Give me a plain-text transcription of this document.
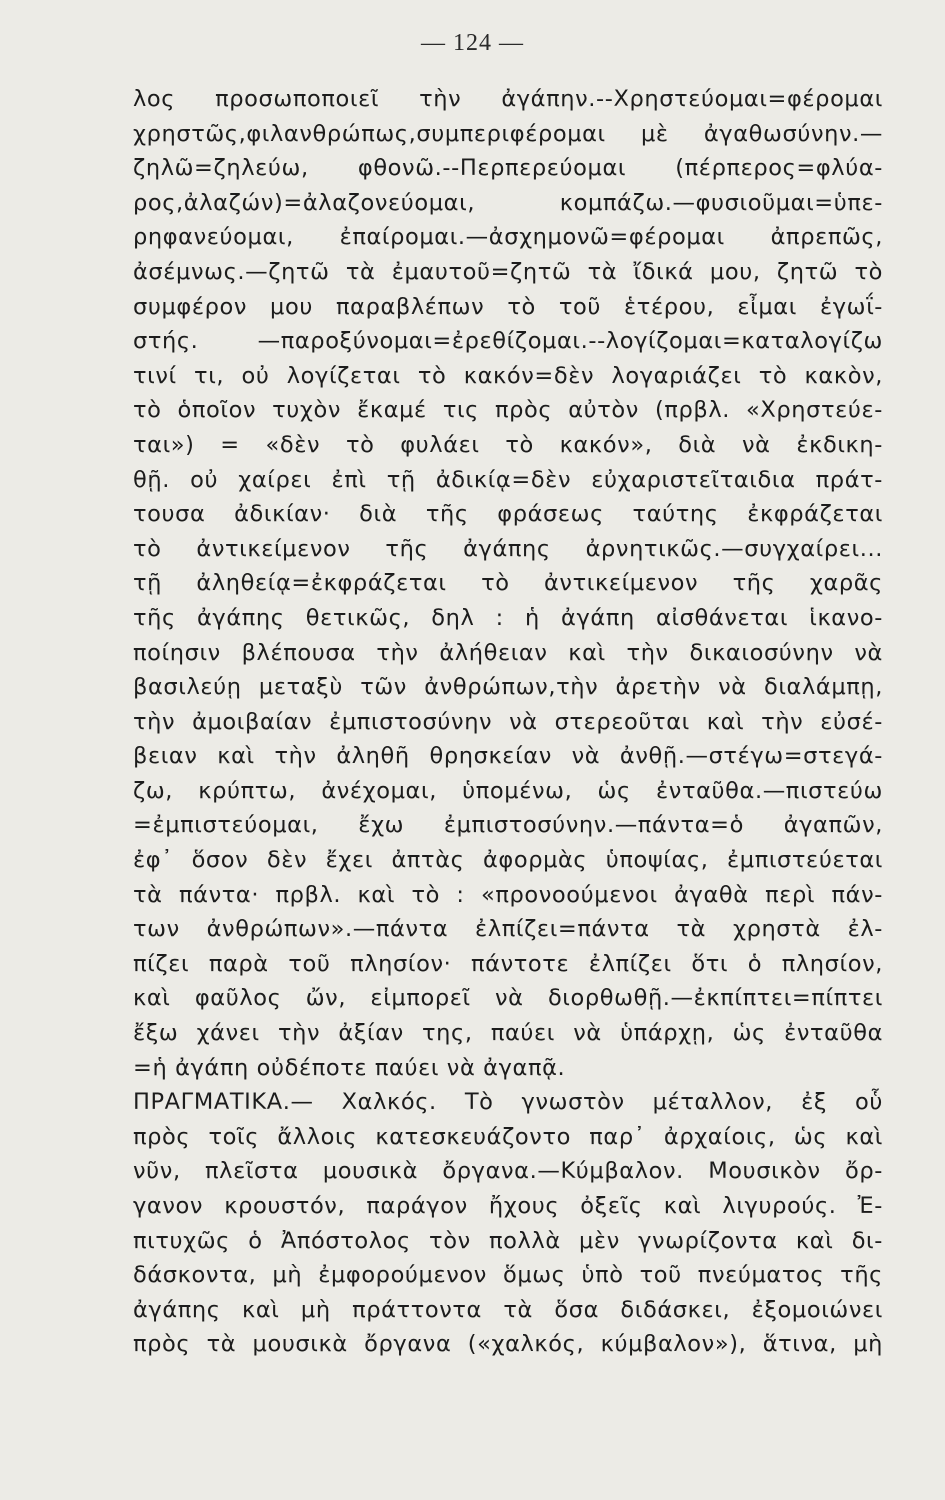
— 124 —
λος προσωποποιεῖ τὴν ἀγάπην.--Χρηστεύομαι=φέρομαι
χρηστῶς,φιλανθρώπως,συμπεριφέρομαι μὲ ἀγαθωσύνην.—
ζηλῶ=ζηλεύω, φθονῶ.--Περπερεύομαι (πέρπερος=φλύα-
ρος,ἀλαζών)=ἀλαζονεύομαι, κομπάζω.—φυσιοῦμαι=ὑπε-
ρηφανεύομαι, ἐπαίρομαι.—ἀσχημονῶ=φέρομαι ἀπρεπῶς,
ἀσέμνως.—ζητῶ τὰ ἐμαυτοῦ=ζητῶ τὰ ἴδικά μου, ζητῶ τὸ
συμφέρον μου παραβλέπων τὸ τοῦ ἑτέρου, εἶμαι ἐγωΐ-
στής. —παροξύνομαι=ἐρεθίζομαι.--λογίζομαι=καταλογίζω
τινί τι, οὐ λογίζεται τὸ κακόν=δὲν λογαριάζει τὸ κακὸν,
τὸ ὁποῖον τυχὸν ἔκαμέ τις πρὸς αὐτὸν (πρβλ. «Χρηστεύε-
ται») = «δὲν τὸ φυλάει τὸ κακόν», διὰ νὰ ἐκδικη-
θῇ. οὐ χαίρει ἐπὶ τῇ ἀδικίᾳ=δὲν εὐχαριστεῖταιδια πράτ-
τουσα ἀδικίαν· διὰ τῆς φράσεως ταύτης ἐκφράζεται
τὸ ἀντικείμενον τῆς ἀγάπης ἀρνητικῶς.—συγχαίρει...
τῇ ἀληθείᾳ=ἐκφράζεται τὸ ἀντικείμενον τῆς χαρᾶς
τῆς ἀγάπης θετικῶς, δηλ : ἡ ἀγάπη αἰσθάνεται ἱκανο-
ποίησιν βλέπουσα τὴν ἀλήθειαν καὶ τὴν δικαιοσύνην νὰ
βασιλεύῃ μεταξὺ τῶν ἀνθρώπων,τὴν ἀρετὴν νὰ διαλάμπῃ,
τὴν ἀμοιβαίαν ἐμπιστοσύνην νὰ στερεοῦται καὶ τὴν εὐσέ-
βειαν καὶ τὴν ἀληθῆ θρησκείαν νὰ ἀνθῇ.—στέγω=στεγά-
ζω, κρύπτω, ἀνέχομαι, ὑπομένω, ὡς ἐνταῦθα.—πιστεύω
=ἐμπιστεύομαι, ἔχω ἐμπιστοσύνην.—πάντα=ὁ ἀγαπῶν,
ἐφ᾽ ὅσον δὲν ἔχει ἀπτὰς ἀφορμὰς ὑποψίας, ἐμπιστεύεται
τὰ πάντα· πρβλ. καὶ τὸ : «προνοούμενοι ἀγαθὰ περὶ πάν-
των ἀνθρώπων».—πάντα ἐλπίζει=πάντα τὰ χρηστὰ ἐλ-
πίζει παρὰ τοῦ πλησίον· πάντοτε ἐλπίζει ὅτι ὁ πλησίον,
καὶ φαῦλος ὤν, εἰμπορεῖ νὰ διορθωθῇ.—ἐκπίπτει=πίπτει
ἔξω χάνει τὴν ἀξίαν της, παύει νὰ ὑπάρχῃ, ὡς ἐνταῦθα
=ἡ ἀγάπη οὐδέποτε παύει νὰ ἀγαπᾷ.
ΠΡΑΓΜΑΤΙΚΑ.— Χαλκός. Τὸ γνωστὸν μέταλλον, ἐξ οὗ
πρὸς τοῖς ἄλλοις κατεσκευάζοντο παρ᾽ ἀρχαίοις, ὡς καὶ
νῦν, πλεῖστα μουσικὰ ὄργανα.—Κύμβαλον. Μουσικὸν ὄρ-
γανον κρουστόν, παράγον ἤχους ὀξεῖς καὶ λιγυρούς. Ἐ-
πιτυχῶς ὁ Ἀπόστολος τὸν πολλὰ μὲν γνωρίζοντα καὶ δι-
δάσκοντα, μὴ ἐμφορούμενον ὅμως ὑπὸ τοῦ πνεύματος τῆς
ἀγάπης καὶ μὴ πράττοντα τὰ ὅσα διδάσκει, ἐξομοιώνει
πρὸς τὰ μουσικὰ ὄργανα («χαλκός, κύμβαλον»), ἅτινα, μὴ
